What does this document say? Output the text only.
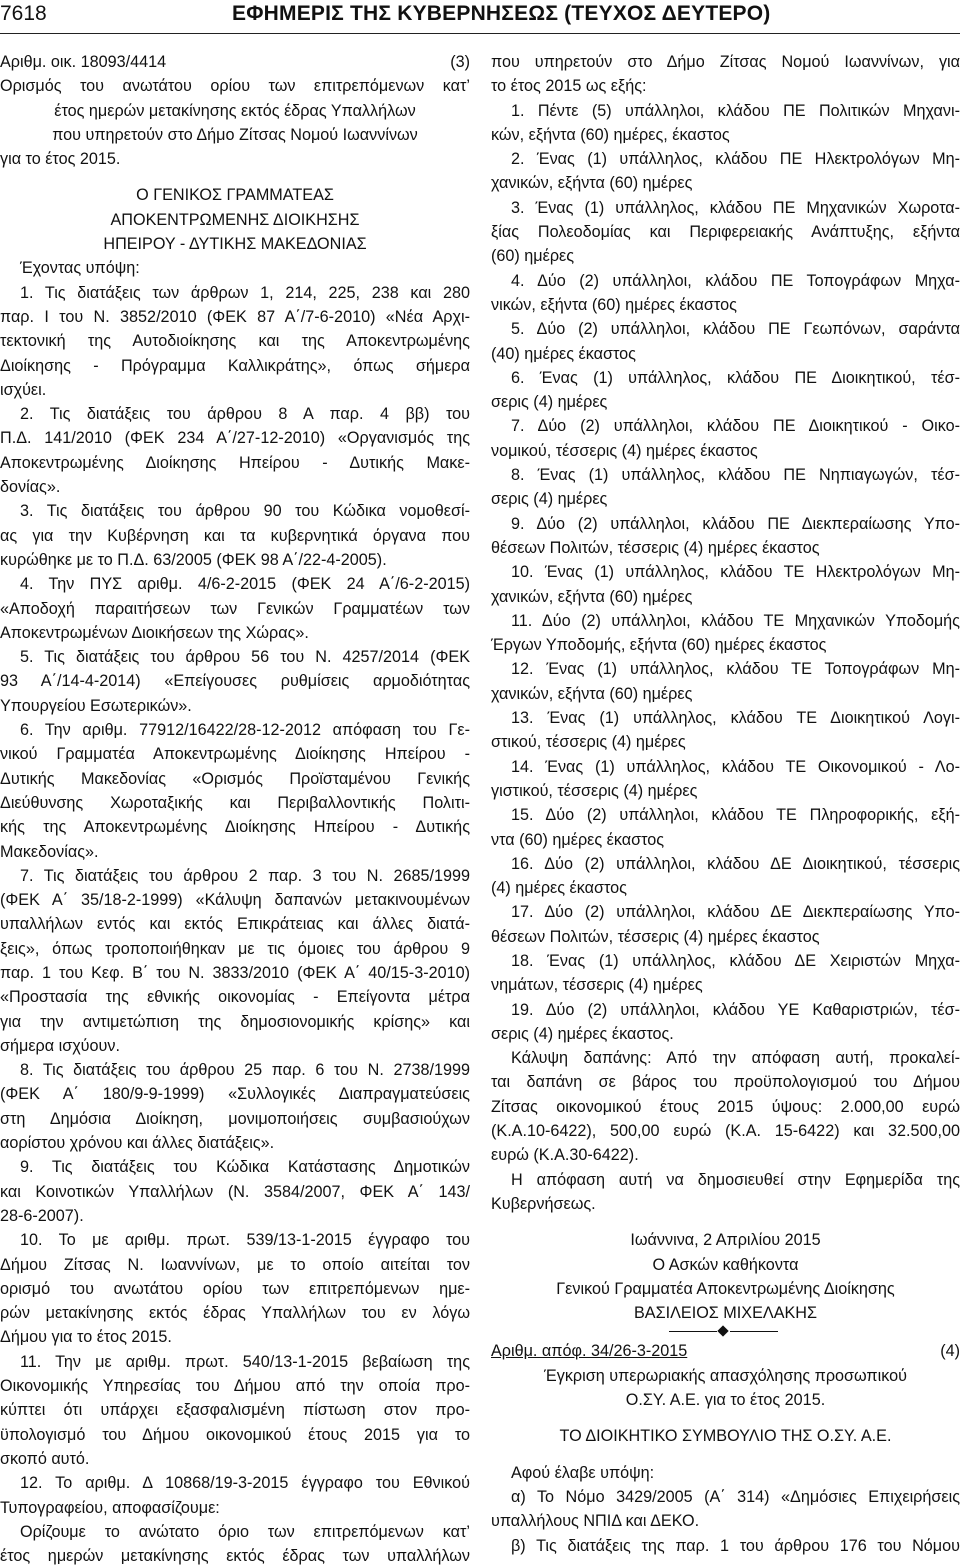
7618	ΕΦΗΜΕΡΙΣ ΤΗΣ ΚΥΒΕΡΝΗΣΕΩΣ (ΤΕΥΧΟΣ ΔΕΥΤΕΡΟ)
Αριθμ. οικ. 18093/4414	(3)
Ορισμός του ανωτάτου ορίου των επιτρεπόμενων κατ’
έτος ημερών μετακίνησης εκτός έδρας Υπαλλήλων
που υπηρετούν στο Δήμο Ζίτσας Νομού Ιωαννίνων
για το έτος 2015.
Ο ΓΕΝΙΚΟΣ ΓΡΑΜΜΑΤΕΑΣ
ΑΠΟΚΕΝΤΡΩΜΕΝΗΣ ΔΙΟΙΚΗΣΗΣ
ΗΠΕΙΡΟΥ - ΔΥΤΙΚΗΣ ΜΑΚΕΔΟΝΙΑΣ
Έχοντας υπόψη:
1. Τις διατάξεις των άρθρων 1, 214, 225, 238 και 280
παρ. Ι του Ν. 3852/2010 (ΦΕΚ 87 Α΄/7-6-2010) «Νέα Αρχι-
τεκτονική της Αυτοδιοίκησης και της Αποκεντρωμένης
Διοίκησης - Πρόγραμμα Καλλικράτης», όπως σήμερα
ισχύει.
2. Τις διατάξεις του άρθρου 8 Α παρ. 4 ββ) του
Π.Δ. 141/2010 (ΦΕΚ 234 Α΄/27-12-2010) «Οργανισμός της
Αποκεντρωμένης Διοίκησης Ηπείρου - Δυτικής Μακε-
δονίας».
3. Τις διατάξεις του άρθρου 90 του Κώδικα νομοθεσί-
ας για την Κυβέρνηση και τα κυβερνητικά όργανα που
κυρώθηκε με το Π.Δ. 63/2005 (ΦΕΚ 98 Α΄/22-4-2005).
4. Την ΠΥΣ αριθμ. 4/6-2-2015 (ΦΕΚ 24 Α΄/6-2-2015)
«Αποδοχή παραιτήσεων των Γενικών Γραμματέων των
Αποκεντρωμένων Διοικήσεων της Χώρας».
5. Τις διατάξεις του άρθρου 56 του Ν. 4257/2014 (ΦΕΚ
93 Α΄/14-4-2014) «Επείγουσες ρυθμίσεις αρμοδιότητας
Υπουργείου Εσωτερικών».
6. Την αριθμ. 77912/16422/28-12-2012 απόφαση του Γε-
νικού Γραμματέα Αποκεντρωμένης Διοίκησης Ηπείρου -
Δυτικής Μακεδονίας «Ορισμός Προϊσταμένου Γενικής
Διεύθυνσης Χωροταξικής και Περιβαλλοντικής Πολιτι-
κής της Αποκεντρωμένης Διοίκησης Ηπείρου - Δυτικής
Μακεδονίας».
7. Τις διατάξεις του άρθρου 2 παρ. 3 του Ν. 2685/1999
(ΦΕΚ Α΄ 35/18-2-1999) «Κάλυψη δαπανών μετακινουμένων
υπαλλήλων εντός και εκτός Επικράτειας και άλλες διατά-
ξεις», όπως τροποποιήθηκαν με τις όμοιες του άρθρου 9
παρ. 1 του Κεφ. Β΄ του Ν. 3833/2010 (ΦΕΚ Α΄ 40/15-3-2010)
«Προστασία της εθνικής οικονομίας - Επείγοντα μέτρα
για την αντιμετώπιση της δημοσιονομικής κρίσης» και
σήμερα ισχύουν.
8. Τις διατάξεις του άρθρου 25 παρ. 6 του Ν. 2738/1999
(ΦΕΚ Α΄ 180/9-9-1999) «Συλλογικές Διαπραγματεύσεις
στη Δημόσια Διοίκηση, μονιμοποιήσεις συμβασιούχων
αορίστου χρόνου και άλλες διατάξεις».
9. Τις διατάξεις του Κώδικα Κατάστασης Δημοτικών
και Κοινοτικών Υπαλλήλων (Ν. 3584/2007, ΦΕΚ Α΄ 143/
28-6-2007).
10. Το με αριθμ. πρωτ. 539/13-1-2015 έγγραφο του
Δήμου Ζίτσας Ν. Ιωαννίνων, με το οποίο αιτείται τον
ορισμό του ανωτάτου ορίου των επιτρεπόμενων ημε-
ρών μετακίνησης εκτός έδρας Υπαλλήλων του εν λόγω
Δήμου για το έτος 2015.
11. Την με αριθμ. πρωτ. 540/13-1-2015 βεβαίωση της
Οικονομικής Υπηρεσίας του Δήμου από την οποία προ-
κύπτει ότι υπάρχει εξασφαλισμένη πίστωση στον προ-
ϋπολογισμό του Δήμου οικονομικού έτους 2015 για το
σκοπό αυτό.
12. Το αριθμ. Δ 10868/19-3-2015 έγγραφο του Εθνικού
Τυπογραφείου, αποφασίζουμε:
Ορίζουμε το ανώτατο όριο των επιτρεπόμενων κατ’
έτος ημερών μετακίνησης εκτός έδρας των υπαλλήλων
που υπηρετούν στο Δήμο Ζίτσας Νομού Ιωαννίνων, για
το έτος 2015 ως εξής:
1. Πέντε (5) υπάλληλοι, κλάδου ΠΕ Πολιτικών Μηχανι-
κών, εξήντα (60) ημέρες, έκαστος
2. Ένας (1) υπάλληλος, κλάδου ΠΕ Ηλεκτρολόγων Μη-
χανικών, εξήντα (60) ημέρες
3. Ένας (1) υπάλληλος, κλάδου ΠΕ Μηχανικών Χωροτα-
ξίας Πολεοδομίας και Περιφερειακής Ανάπτυξης, εξήντα
(60) ημέρες
4. Δύο (2) υπάλληλοι, κλάδου ΠΕ Τοπογράφων Μηχα-
νικών, εξήντα (60) ημέρες έκαστος
5. Δύο (2) υπάλληλοι, κλάδου ΠΕ Γεωπόνων, σαράντα
(40) ημέρες έκαστος
6. Ένας (1) υπάλληλος, κλάδου ΠΕ Διοικητικού, τέσ-
σερις (4) ημέρες
7. Δύο (2) υπάλληλοι, κλάδου ΠΕ Διοικητικού - Οικο-
νομικού, τέσσερις (4) ημέρες έκαστος
8. Ένας (1) υπάλληλος, κλάδου ΠΕ Νηπιαγωγών, τέσ-
σερις (4) ημέρες
9. Δύο (2) υπάλληλοι, κλάδου ΠΕ Διεκπεραίωσης Υπο-
θέσεων Πολιτών, τέσσερις (4) ημέρες έκαστος
10. Ένας (1) υπάλληλος, κλάδου ΤΕ Ηλεκτρολόγων Μη-
χανικών, εξήντα (60) ημέρες
11. Δύο (2) υπάλληλοι, κλάδου ΤΕ Μηχανικών Υποδομής
Έργων Υποδομής, εξήντα (60) ημέρες έκαστος
12. Ένας (1) υπάλληλος, κλάδου ΤΕ Τοπογράφων Μη-
χανικών, εξήντα (60) ημέρες
13. Ένας (1) υπάλληλος, κλάδου ΤΕ Διοικητικού Λογι-
στικού, τέσσερις (4) ημέρες
14. Ένας (1) υπάλληλος, κλάδου ΤΕ Οικονομικού - Λο-
γιστικού, τέσσερις (4) ημέρες
15. Δύο (2) υπάλληλοι, κλάδου ΤΕ Πληροφορικής, εξή-
ντα (60) ημέρες έκαστος
16. Δύο (2) υπάλληλοι, κλάδου ΔΕ Διοικητικού, τέσσερις
(4) ημέρες έκαστος
17. Δύο (2) υπάλληλοι, κλάδου ΔΕ Διεκπεραίωσης Υπο-
θέσεων Πολιτών, τέσσερις (4) ημέρες έκαστος
18. Ένας (1) υπάλληλος, κλάδου ΔΕ Χειριστών Μηχα-
νημάτων, τέσσερις (4) ημέρες
19. Δύο (2) υπάλληλοι, κλάδου ΥΕ Καθαριστριών, τέσ-
σερις (4) ημέρες έκαστος.
Κάλυψη δαπάνης: Από την απόφαση αυτή, προκαλεί-
ται δαπάνη σε βάρος του προϋπολογισμού του Δήμου
Ζίτσας οικονομικού έτους 2015 ύψους: 2.000,00 ευρώ
(Κ.Α.10-6422), 500,00 ευρώ (Κ.Α. 15-6422) και 32.500,00
ευρώ (Κ.Α.30-6422).
Η απόφαση αυτή να δημοσιευθεί στην Εφημερίδα της
Κυβερνήσεως.
Ιωάννινα, 2 Απριλίου 2015
Ο Ασκών καθήκοντα
Γενικού Γραμματέα Αποκεντρωμένης Διοίκησης
ΒΑΣΙΛΕΙΟΣ ΜΙΧΕΛΑΚΗΣ
Αριθμ. απόφ. 34/26-3-2015	(4)
Έγκριση υπερωριακής απασχόλησης προσωπικού
Ο.ΣΥ. Α.Ε. για το έτος 2015.
ΤΟ ΔΙΟΙΚΗΤΙΚΟ ΣΥΜΒΟΥΛΙΟ ΤΗΣ Ο.ΣΥ. Α.Ε.
Αφού έλαβε υπόψη:
α) Το Νόμο 3429/2005 (Α΄ 314) «Δημόσιες Επιχειρήσεις
υπαλλήλους ΝΠΙΔ και ΔΕΚΟ.
β) Τις διατάξεις της παρ. 1 του άρθρου 176 του Νόμου
